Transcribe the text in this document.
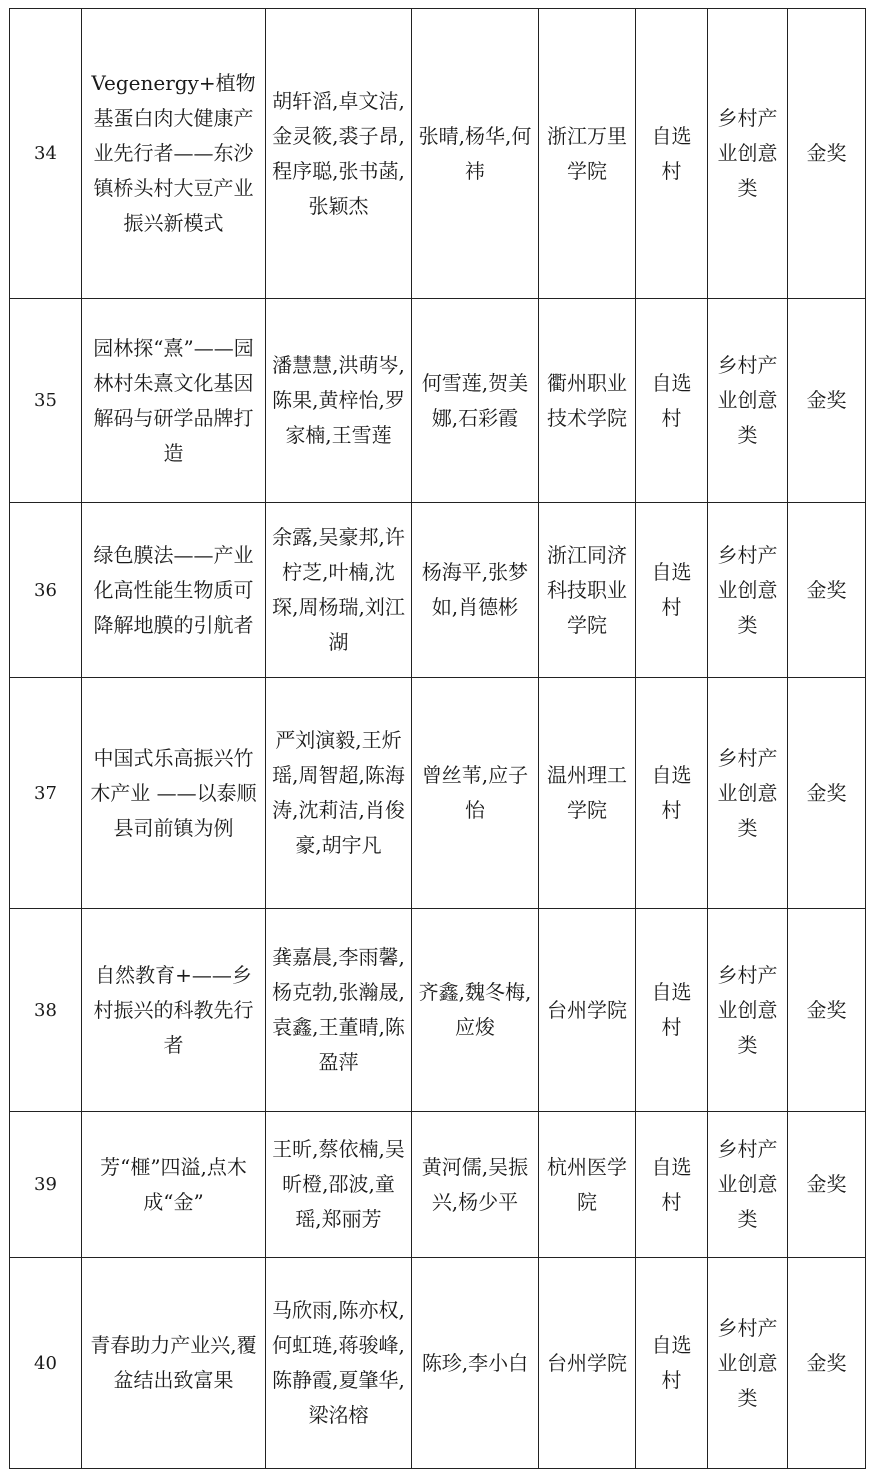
34	Vegenergy+植物基蛋白肉大健康产业先行者——东沙镇桥头村大豆产业振兴新模式	胡轩滔,卓文洁,金灵筱,裘子昂,程序聪,张书菡,张颖杰	张晴,杨华,何祎	浙江万里学院	自选村	乡村产业创意类	金奖
35	园林探“熹”——园林村朱熹文化基因解码与研学品牌打造	潘慧慧,洪萌岑,陈果,黄梓怡,罗家楠,王雪莲	何雪莲,贺美娜,石彩霞	衢州职业技术学院	自选村	乡村产业创意类	金奖
36	绿色膜法——产业化高性能生物质可降解地膜的引航者	余露,吴豪邦,许柠芝,叶楠,沈琛,周杨瑞,刘江湖	杨海平,张梦如,肖德彬	浙江同济科技职业学院	自选村	乡村产业创意类	金奖
37	中国式乐高振兴竹木产业 ——以泰顺县司前镇为例	严刘演毅,王炘瑶,周智超,陈海涛,沈莉洁,肖俊豪,胡宇凡	曾丝苇,应子怡	温州理工学院	自选村	乡村产业创意类	金奖
38	自然教育+——乡村振兴的科教先行者	龚嘉晨,李雨馨,杨克勃,张瀚晟,袁鑫,王董晴,陈盈萍	齐鑫,魏冬梅,应焌	台州学院	自选村	乡村产业创意类	金奖
39	芳“榧”四溢,点木成“金”	王昕,蔡依楠,吴昕橙,邵波,童瑶,郑丽芳	黄河儒,吴振兴,杨少平	杭州医学院	自选村	乡村产业创意类	金奖
40	青春助力产业兴,覆盆结出致富果	马欣雨,陈亦权,何虹琏,蒋骏峰,陈静霞,夏肇华,梁洺榕	陈珍,李小白	台州学院	自选村	乡村产业创意类	金奖
